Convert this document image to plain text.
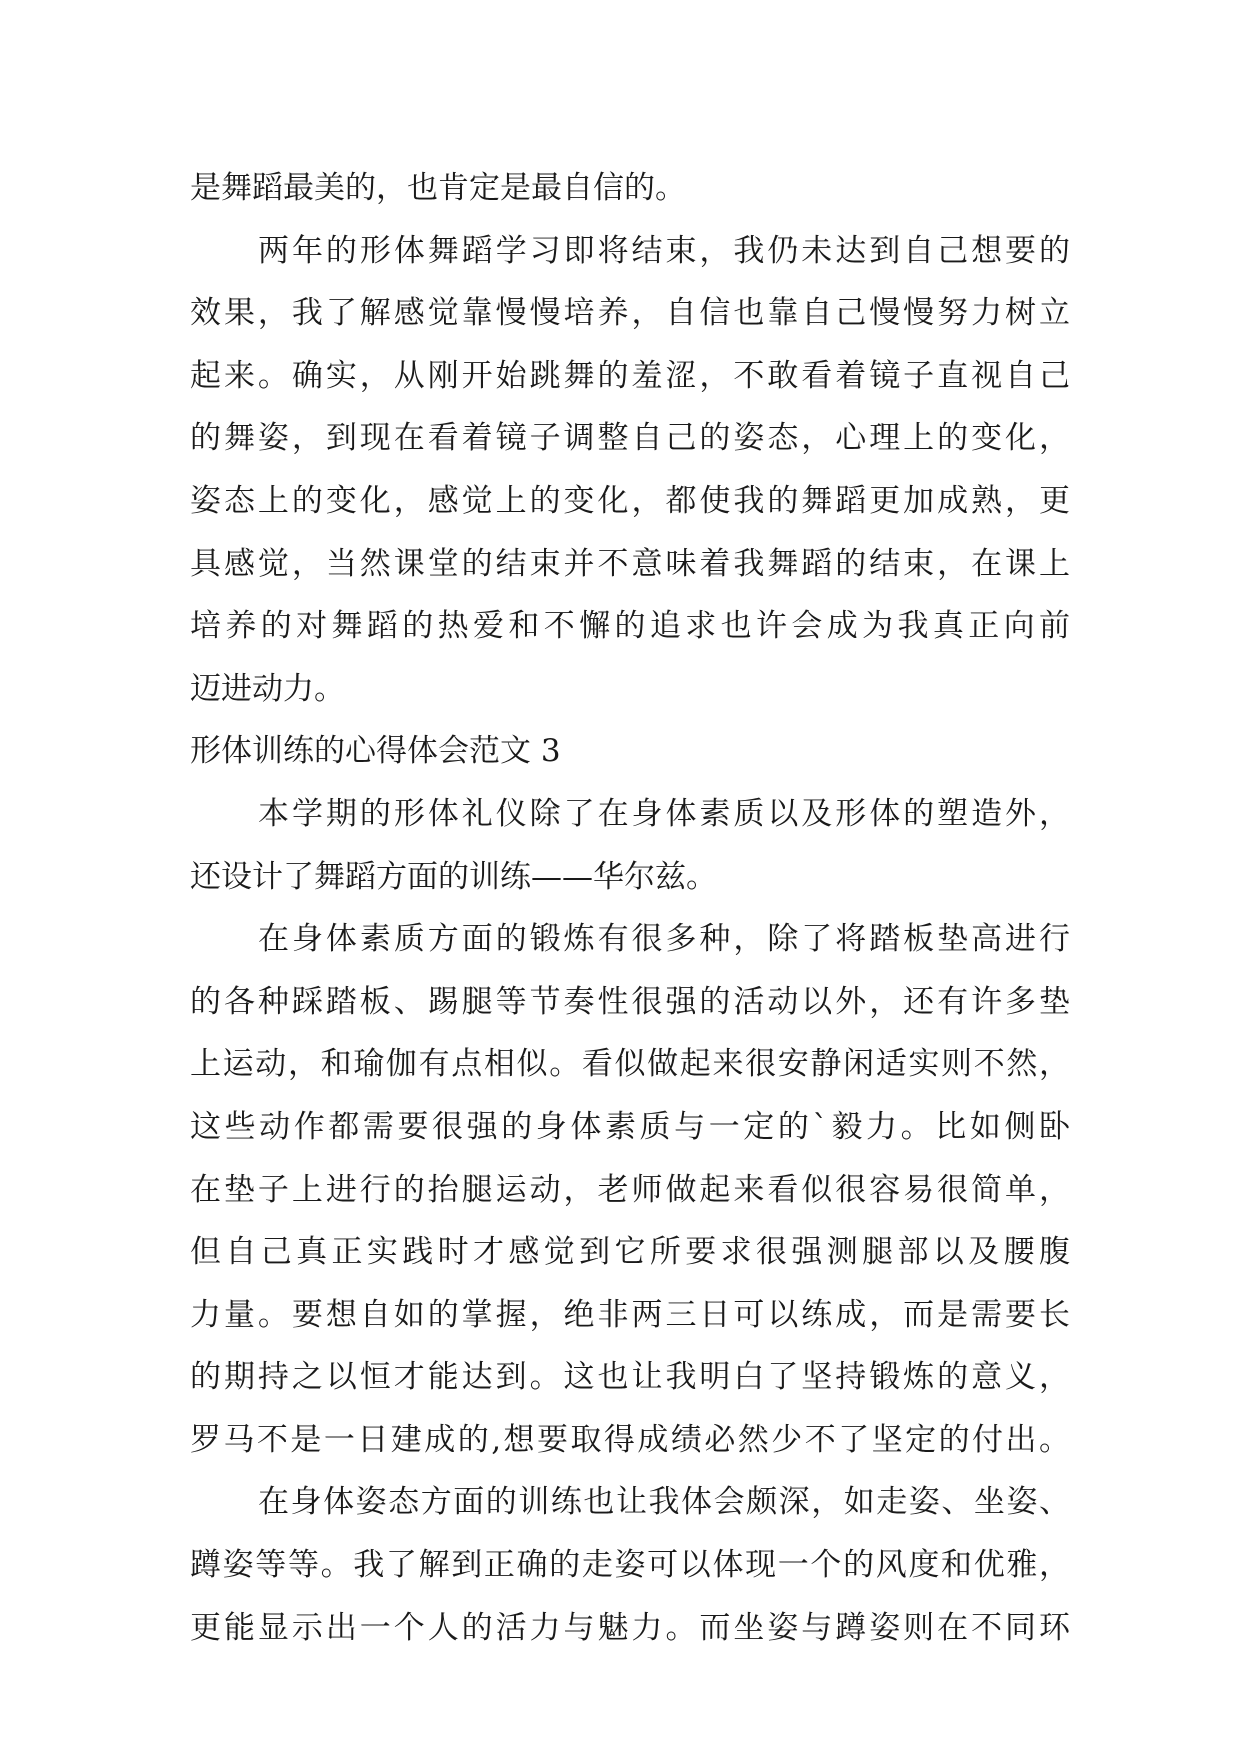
是舞蹈最美的，也肯定是最自信的。
两年的形体舞蹈学习即将结束，我仍未达到自己想要的
效果，我了解感觉靠慢慢培养，自信也靠自己慢慢努力树立
起来。确实，从刚开始跳舞的羞涩，不敢看着镜子直视自己
的舞姿，到现在看着镜子调整自己的姿态，心理上的变化，
姿态上的变化，感觉上的变化，都使我的舞蹈更加成熟，更
具感觉，当然课堂的结束并不意味着我舞蹈的结束，在课上
培养的对舞蹈的热爱和不懈的追求也许会成为我真正向前
迈进动力。
形体训练的心得体会范文 3
本学期的形体礼仪除了在身体素质以及形体的塑造外，
还设计了舞蹈方面的训练——华尔兹。
在身体素质方面的锻炼有很多种，除了将踏板垫高进行
的各种踩踏板、踢腿等节奏性很强的活动以外，还有许多垫
上运动，和瑜伽有点相似。看似做起来很安静闲适实则不然，
这些动作都需要很强的身体素质与一定的`毅力。比如侧卧
在垫子上进行的抬腿运动，老师做起来看似很容易很简单，
但自己真正实践时才感觉到它所要求很强测腿部以及腰腹
力量。要想自如的掌握，绝非两三日可以练成，而是需要长
的期持之以恒才能达到。这也让我明白了坚持锻炼的意义，
罗马不是一日建成的,想要取得成绩必然少不了坚定的付出。
在身体姿态方面的训练也让我体会颇深，如走姿、坐姿、
蹲姿等等。我了解到正确的走姿可以体现一个的风度和优雅，
更能显示出一个人的活力与魅力。而坐姿与蹲姿则在不同环
